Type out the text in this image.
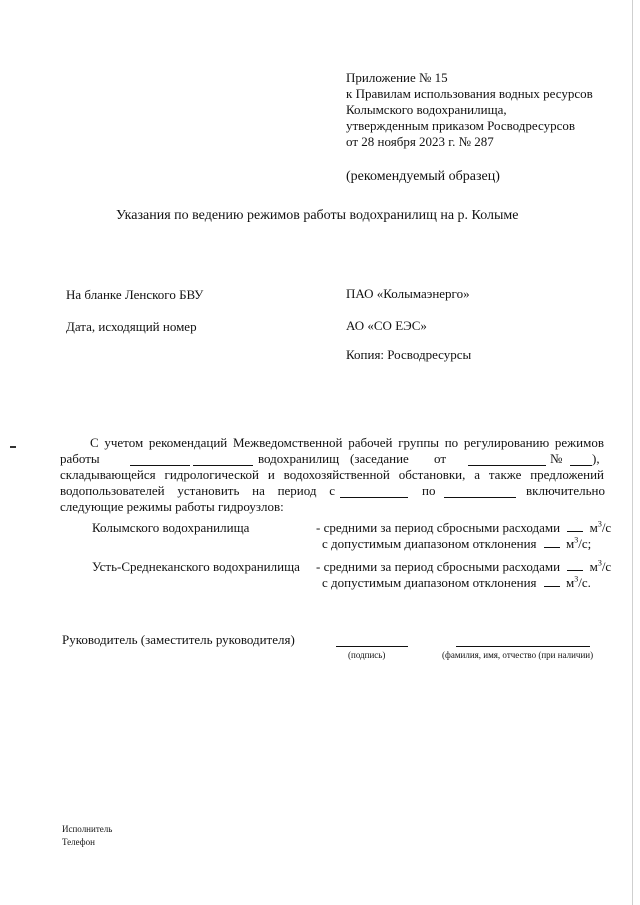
Приложение № 15
к Правилам использования водных ресурсов
Колымского водохранилища,
утвержденным приказом Росводресурсов
от 28 ноября 2023 г. № 287
(рекомендуемый образец)
Указания по ведению режимов работы водохранилищ на р. Колыме
На бланке Ленского БВУ
Дата, исходящий номер
ПАО «Колымаэнерго»
АО «СО ЕЭС»
Копия: Росводресурсы
С учетом рекомендаций Межведомственной рабочей группы по регулированию режимов
работы	водохранилищ (заседание от	№ ),
складывающейся гидрологической и водохозяйственной обстановки, а также предложений
водопользователей установить на период с	по	включительно
следующие режимы работы гидроузлов:
Колымского водохранилища	- средними за период сбросными расходами $м^3/с$
с допустимым диапазоном отклонения $м^3/с$;
Усть-Среднеканского водохранилища - средними за период сбросными расходами $м^3/с$
с допустимым диапазоном отклонения $м^3/с$.
Руководитель (заместитель руководителя)
(подпись)	(фамилия, имя, отчество (при наличии)
Исполнитель
Телефон
